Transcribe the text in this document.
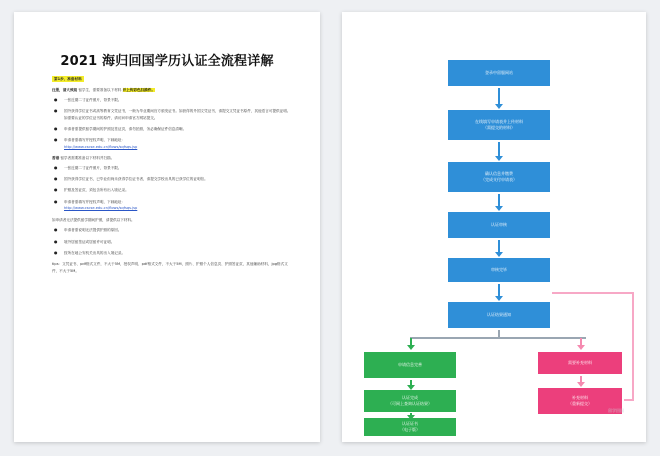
2021 海归回国学历认证全流程详解
第1步、准备材料
注册，请大致阅 留学生，需要准备以下材料 并上传彩色扫描件。
● 一张近期二寸证件照片，背景不限。
● 国外获得学位证书或高等教育文凭证书，一般为毕业期间官方颁发证书。如获得的外国文凭证书，请提交文凭证书原件，其他语言可提供证明。如需要认证的学位证书的原件，请访问申请官方网站提交。
● 申请者需提供留学期间的护照及签证页，请勿拍照，务必确保证件信息清晰。
● 申请者需填写并授权声明，下载地址：
http://www.cscse.edu.cn/flows/sqfsqs.jsp
香港 留学者需要准备以下材料并扫描。
● 一张近期二寸证件照片，背景不限。
● 国外获得学位证书，已毕业但尚未获得学位证书者，请提交学校出具的已获学位的证明信。
● 护照及签证页，须包含所有出入境记录。
● 申请者需填写并授权声明，下载地址：
http://www.cscse.edu.cn/flows/sqfsqs.jsp
如申请者无法提供留学期间护照，请提供以下材料。
● 申请者需说明无法提供护照的原因。
● 境外居留签证或居留许可证明。
● 按所在地公安机关出具的出入境记录。
tips：文凭证书、pdf格式文件，不大于5M，授权声明、pdf格式文件，不大于5M，照片、护照个人信息页、护照签证页，其他辅助材料，jpg格式文件，不大于5M。
登录中留服网站
在线填写申请表并上传材料
（需提交的材料）
确认信息并缴费
（完成支付申请表）
认证审核
审核完毕
认证结果通知
申请信息完善
认证完成
（可网上查询认证结果）
认证证书
（电子版）
需要补充材料
补充材料
（重新提交）
留学回国
